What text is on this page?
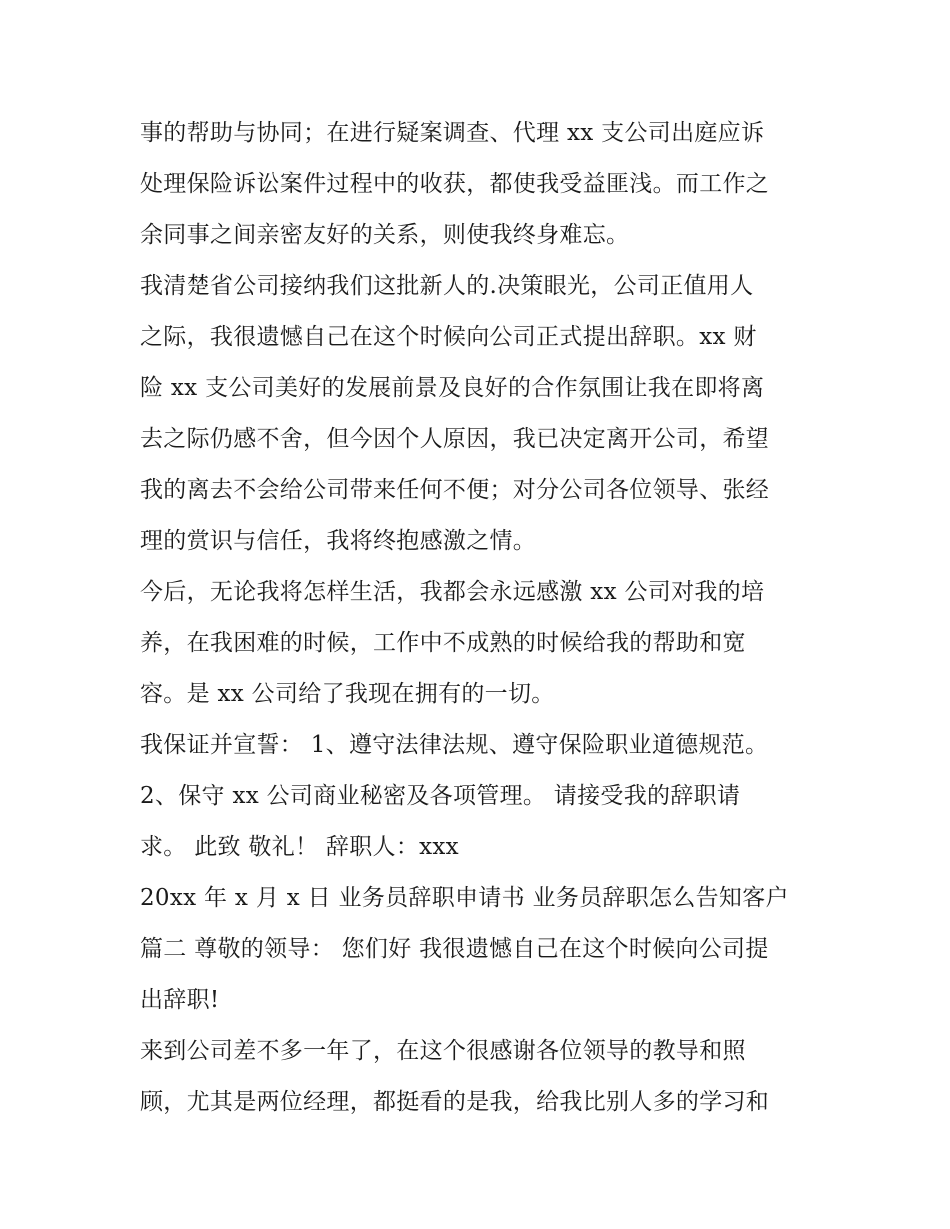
事的帮助与协同；在进行疑案调查、代理 xx 支公司出庭应诉
处理保险诉讼案件过程中的收获，都使我受益匪浅。而工作之
余同事之间亲密友好的关系，则使我终身难忘。
我清楚省公司接纳我们这批新人的.决策眼光，公司正值用人
之际，我很遗憾自己在这个时候向公司正式提出辞职。xx 财
险 xx 支公司美好的发展前景及良好的合作氛围让我在即将离
去之际仍感不舍，但今因个人原因，我已决定离开公司，希望
我的离去不会给公司带来任何不便；对分公司各位领导、张经
理的赏识与信任，我将终抱感激之情。
今后，无论我将怎样生活，我都会永远感激 xx 公司对我的培
养，在我困难的时候，工作中不成熟的时候给我的帮助和宽
容。是 xx 公司给了我现在拥有的一切。
我保证并宣誓： 1、遵守法律法规、遵守保险职业道德规范。
2、保守 xx 公司商业秘密及各项管理。 请接受我的辞职请
求。 此致 敬礼！ 辞职人：xxx
20xx 年 x 月 x 日 业务员辞职申请书 业务员辞职怎么告知客户
篇二 尊敬的领导： 您们好 我很遗憾自己在这个时候向公司提
出辞职!
来到公司差不多一年了，在这个很感谢各位领导的教导和照
顾，尤其是两位经理，都挺看的是我，给我比别人多的学习和
